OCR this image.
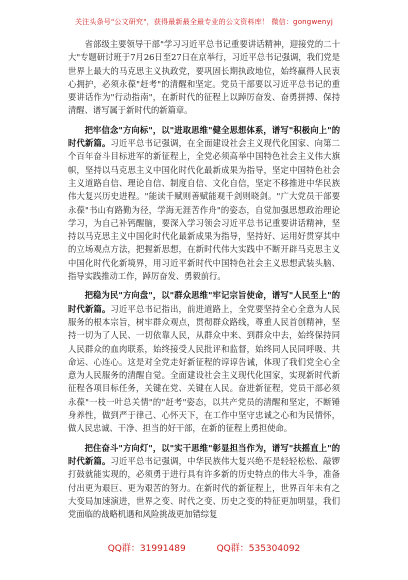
关注头条号"公文研究"，获得最新最全最专业的公文资料库！ 微信：gongwenyj

省部级主要领导干部"学习习近平总书记重要讲话精神，迎接党的二十大"专题研讨班于7月26日至27日在京举行，习近平总书记强调，我们党是世界上最大的马克思主义执政党，要巩固长期执政地位，始终赢得人民衷心拥护，必须永葆"赶考"的清醒和坚定。党员干部要以习近平总书记的重要讲话作为"行动指南"，在新时代的征程上以踔厉奋发、奋勇拼搏、保持清醒、谱写属于新时代的新篇章。

把牢信念"方向标"，以"进取思维"健全思想体系，谱写"积极向上"的时代新篇。习近平总书记强调，在全面建设社会主义现代化国家、向第二个百年奋斗目标进军的新征程上，全党必须高举中国特色社会主义伟大旗帜，坚持以马克思主义中国化时代化最新成果为指导，坚定中国特色社会主义道路自信、理论自信、制度自信、文化自信，坚定不移推进中华民族伟大复兴历史进程。"能读千赋则善赋能观千剑则晓剑。"广大党员干部要永葆"书山有路勤为径，学海无涯苦作舟"的姿态，自觉加强思想政治理论学习，为自己补钙醒脑，要深入学习领会习近平总书记重要讲话精神，坚持以马克思主义中国化时代化最新成果为指导，坚持好、运用好贯穿其中的立场观点方法，把握新思想，在新时代伟大实践中不断开辟马克思主义中国化时代化新境界，用习近平新时代中国特色社会主义思想武装头脑、指导实践推动工作，踔厉奋发、勇毅前行。

把稳为民"方向盘"，以"群众思维"牢记宗旨使命，谱写"人民至上"的时代新篇。习近平总书记指出，前进道路上，全党要坚持全心全意为人民服务的根本宗旨，树牢群众观点，贯彻群众路线，尊重人民首创精神，坚持一切为了人民、一切依靠人民，从群众中来、到群众中去，始终保持同人民群众的血肉联系，始终接受人民批评和监督，始终同人民同呼吸、共命运、心连心。这是对全党走好新征程的谆谆告诫，体现了我们党全心全意为人民服务的清醒自觉。全面建设社会主义现代化国家，实现新时代新征程各项目标任务，关键在党、关键在人民。奋进新征程，党员干部必须永葆"一枝一叶总关情"的"赶考"姿态，以共产党员的清醒和坚定，不断锤身养性，做到严于律己、心怀天下，在工作中坚守忠诚之心和为民情怀，做人民忠诚、干净、担当的好干部，在新的征程上勇担使命。

把住奋斗"方向灯"，以"实干思维"彰显担当作为，谱写"扶摇直上"的时代新篇。习近平总书记强调，中华民族伟大复兴绝不是轻轻松松、敲锣打鼓就能实现的，必须勇于进行具有许多新的历史特点的伟大斗争，准备付出更为艰巨、更为艰苦的努力。在新时代的新征程上，世界百年未有之大变局加速演进，世界之变、时代之变、历史之变的特征更加明显，我们党面临的战略机遇和风险挑战更加错综复

QQ群：31991489	QQ群：535304092
